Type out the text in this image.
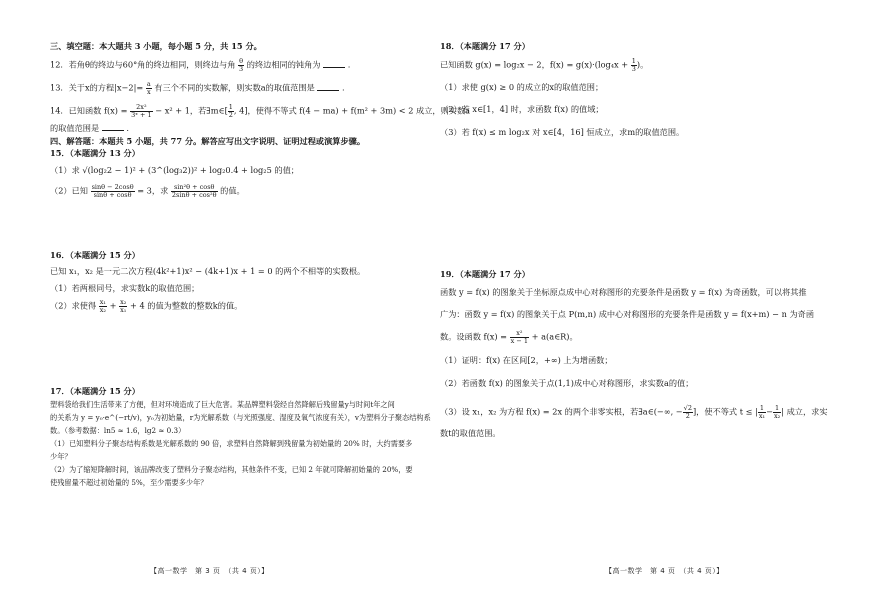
三、填空题：本大题共 3 小题，每小题 5 分，共 15 分。
12．若角θ的终边与60°角的终边相同，则终边与角 $\frac{\theta}{3}$ 的终边相同的钝角为	.
13．关于x的方程$|x-2|= \frac{a}{x}$ 有三个不同的实数解，则实数a的取值范围是	.
14．已知函数 $f(x) = \frac{\text{2x²}}{\text{3ˣ + 1}} - x^2 + 1$，若∃m∈[ $\frac{1}{2}$ , 4]，使得不等式 f(4 − ma) + f(m² + 3m) < 2 成立，则实数a
的取值范围是	.
四、解答题：本题共 5 小题，共 77 分。解答应写出文字说明、证明过程或演算步骤。
15．（本题满分 13 分）
（1）求 √(log₂2 − 1)² + (3^(log₃2))² + log₂0.4 + log₂5 的值；
（2）已知 $\frac{\sin\theta - 2\cos\theta}{\sin\theta + \cos\theta} = 3$，求 $\frac{\text{sin²θ + cosθ}}{\text{2sinθ + cos²θ}}$ 的值。
16．（本题满分 15 分）
已知 x₁，x₂ 是一元二次方程(4k²+1)x² − (4k+1)x + 1 = 0 的两个不相等的实数根。
（1）若两根同号，求实数k的取值范围；
（2）求使得 $\frac{\text{x₁}}{\text{x₂}} + \frac{\text{x₂}}{\text{x₁}} + 4$ 的值为整数的整数k的值。
17．（本题满分 15 分）
塑料袋给我们生活带来了方便，但对环境造成了巨大危害。某品牌塑料袋经自然降解后残留量y与时间t年之间
的关系为 y = y₀·e^(−rt/v)，y₀为初始量，r为光解系数（与光照强度、湿度及氧气浓度有关），v为塑料分子聚态结构系
数。（参考数据：ln5 ≈ 1.6，lg2 ≈ 0.3）
（1）已知塑料分子聚态结构系数是光解系数的 90 倍，求塑料自然降解到残留量为初始量的 20% 时，大约需要多
少年？
（2）为了缩短降解时间，该品牌改变了塑料分子聚态结构，其他条件不变，已知 2 年就可降解初始量的 20%，要
使残留量不超过初始量的 5%，至少需要多少年？
【高一数学　第 3 页　（共 4 页）】
18．（本题满分 17 分）
已知函数 g(x) = log₂x − 2，$f(x) = g(x)\cdot(\log_4x + \frac{1}{3}$ )。
（1）求使 g(x) ≥ 0 的成立的x的取值范围；
（2）若 x∈[1，4] 时，求函数 f(x) 的值域；
（3）若 f(x) ≤ m log₂x 对 x∈[4，16] 恒成立，求m的取值范围。
19．（本题满分 17 分）
函数 y = f(x) 的图象关于坐标原点成中心对称图形的充要条件是函数 y = f(x) 为奇函数，可以将其推
广为：函数 y = f(x) 的图象关于点 P(m,n) 成中心对称图形的充要条件是函数 y = f(x+m) − n 为奇函
数。设函数 $f(x) = \frac{\text{x²}}{x - 1}$ + a(a∈R)。
（1）证明：f(x) 在区间[2，+∞) 上为增函数；
（2）若函数 f(x) 的图象关于点(1,1)成中心对称图形，求实数a的值；
（3）设 x₁，x₂ 为方程 f(x) = 2x 的两个非零实根，若∃a∈(−∞, − $\frac{√2}{2}$ ]，使不等式 t ≤ | $\frac{1}{\text{x₁}} - \frac{1}{\text{x₂}}$ | 成立，求实
数t的取值范围。
【高一数学　第 4 页　（共 4 页）】
